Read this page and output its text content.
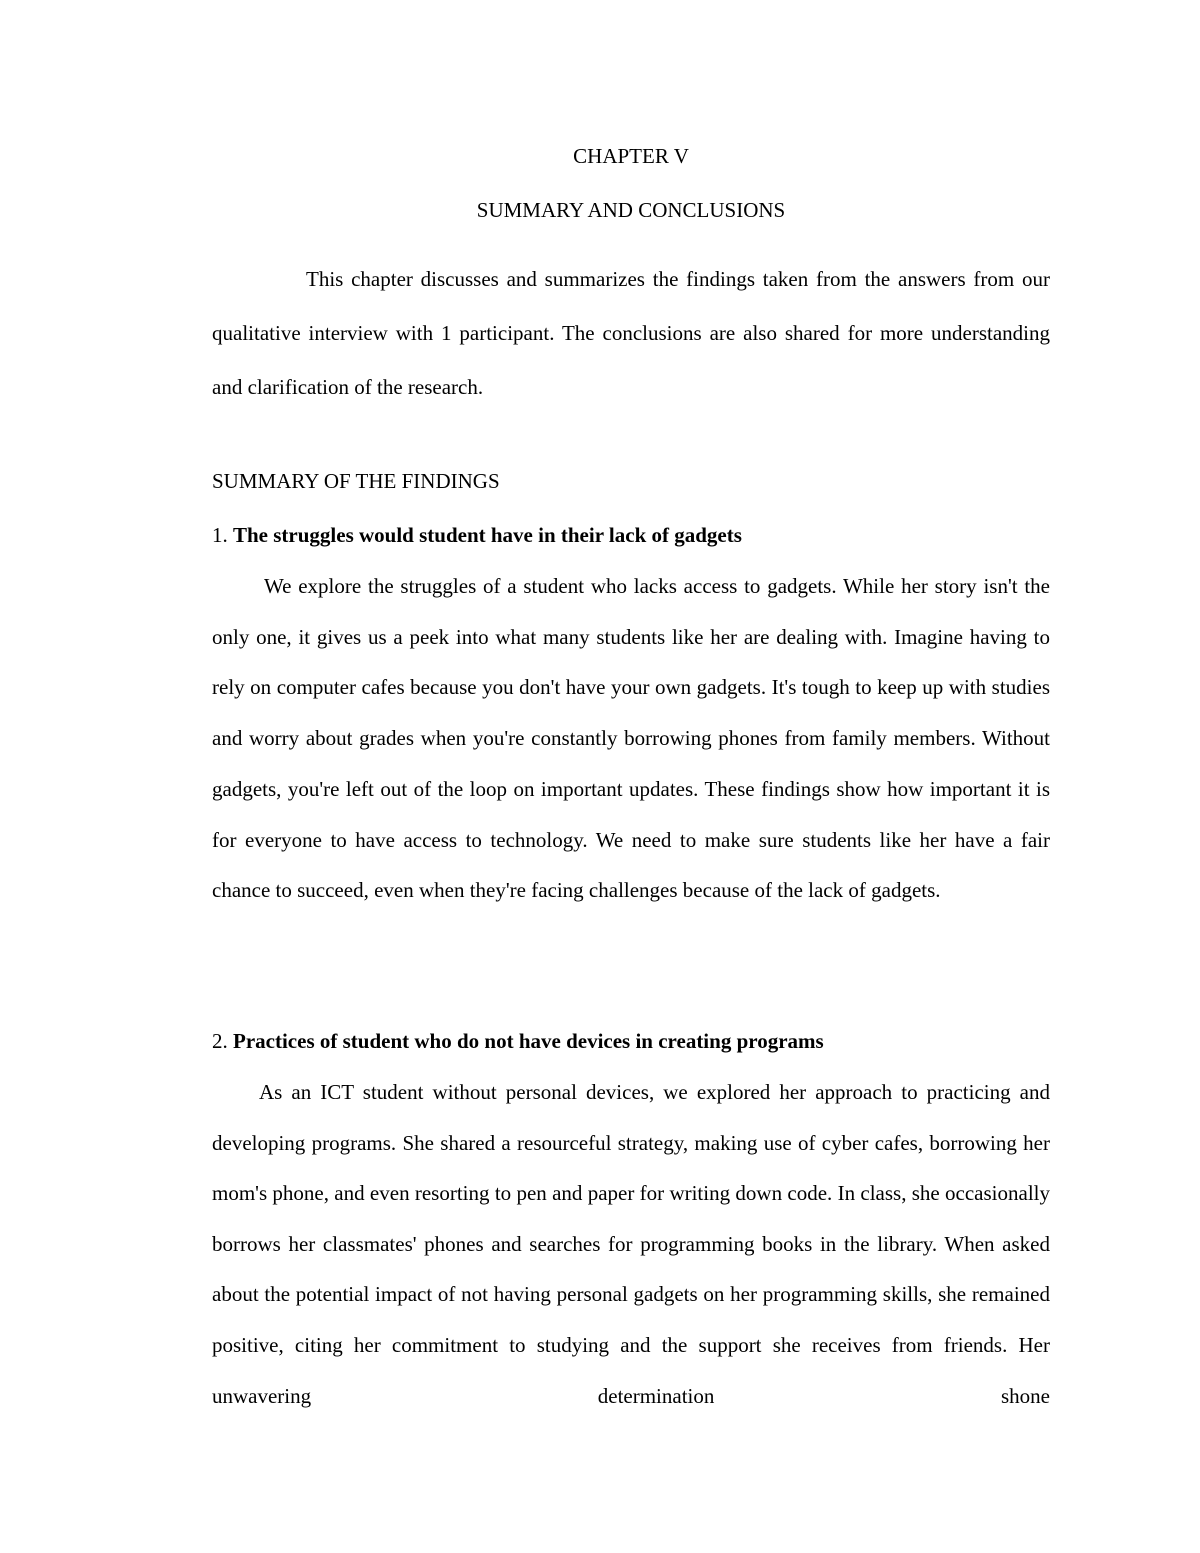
CHAPTER V
SUMMARY AND CONCLUSIONS

This chapter discusses and summarizes the findings taken from the answers from our qualitative interview with 1 participant. The conclusions are also shared for more understanding and clarification of the research.

SUMMARY OF THE FINDINGS
1. The struggles would student have in their lack of gadgets

We explore the struggles of a student who lacks access to gadgets. While her story isn't the only one, it gives us a peek into what many students like her are dealing with. Imagine having to rely on computer cafes because you don't have your own gadgets. It's tough to keep up with studies and worry about grades when you're constantly borrowing phones from family members. Without gadgets, you're left out of the loop on important updates. These findings show how important it is for everyone to have access to technology. We need to make sure students like her have a fair chance to succeed, even when they're facing challenges because of the lack of gadgets.

2. Practices of student who do not have devices in creating programs

As an ICT student without personal devices, we explored her approach to practicing and developing programs. She shared a resourceful strategy, making use of cyber cafes, borrowing her mom's phone, and even resorting to pen and paper for writing down code. In class, she occasionally borrows her classmates' phones and searches for programming books in the library. When asked about the potential impact of not having personal gadgets on her programming skills, she remained positive, citing her commitment to studying and the support she receives from friends. Her unwavering determination shone
